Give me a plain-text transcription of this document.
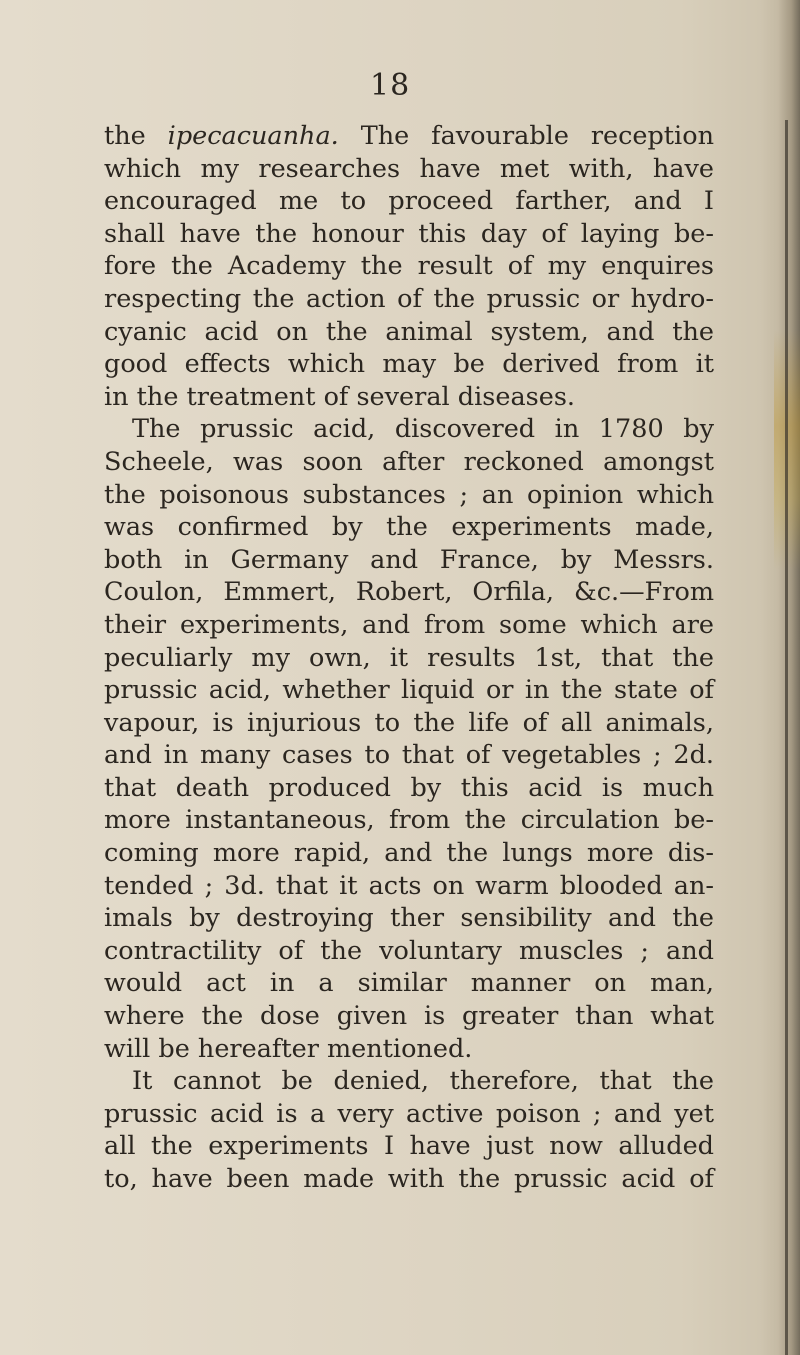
18
the ipecacuanha. The favourable reception
which my researches have met with, have
encouraged me to proceed farther, and I
shall have the honour this day of laying be-
fore the Academy the result of my enquires
respecting the action of the prussic or hydro-
cyanic acid on the animal system, and the
good effects which may be derived from it
in the treatment of several diseases.
The prussic acid, discovered in 1780 by
Scheele, was soon after reckoned amongst
the poisonous substances ; an opinion which
was confirmed by the experiments made,
both in Germany and France, by Messrs.
Coulon, Emmert, Robert, Orfila, &c.—From
their experiments, and from some which are
peculiarly my own, it results 1st, that the
prussic acid, whether liquid or in the state of
vapour, is injurious to the life of all animals,
and in many cases to that of vegetables ; 2d.
that death produced by this acid is much
more instantaneous, from the circulation be-
coming more rapid, and the lungs more dis-
tended ; 3d. that it acts on warm blooded an-
imals by destroying ther sensibility and the
contractility of the voluntary muscles ; and
would act in a similar manner on man,
where the dose given is greater than what
will be hereafter mentioned.
It cannot be denied, therefore, that the
prussic acid is a very active poison ; and yet
all the experiments I have just now alluded
to, have been made with the prussic acid of
